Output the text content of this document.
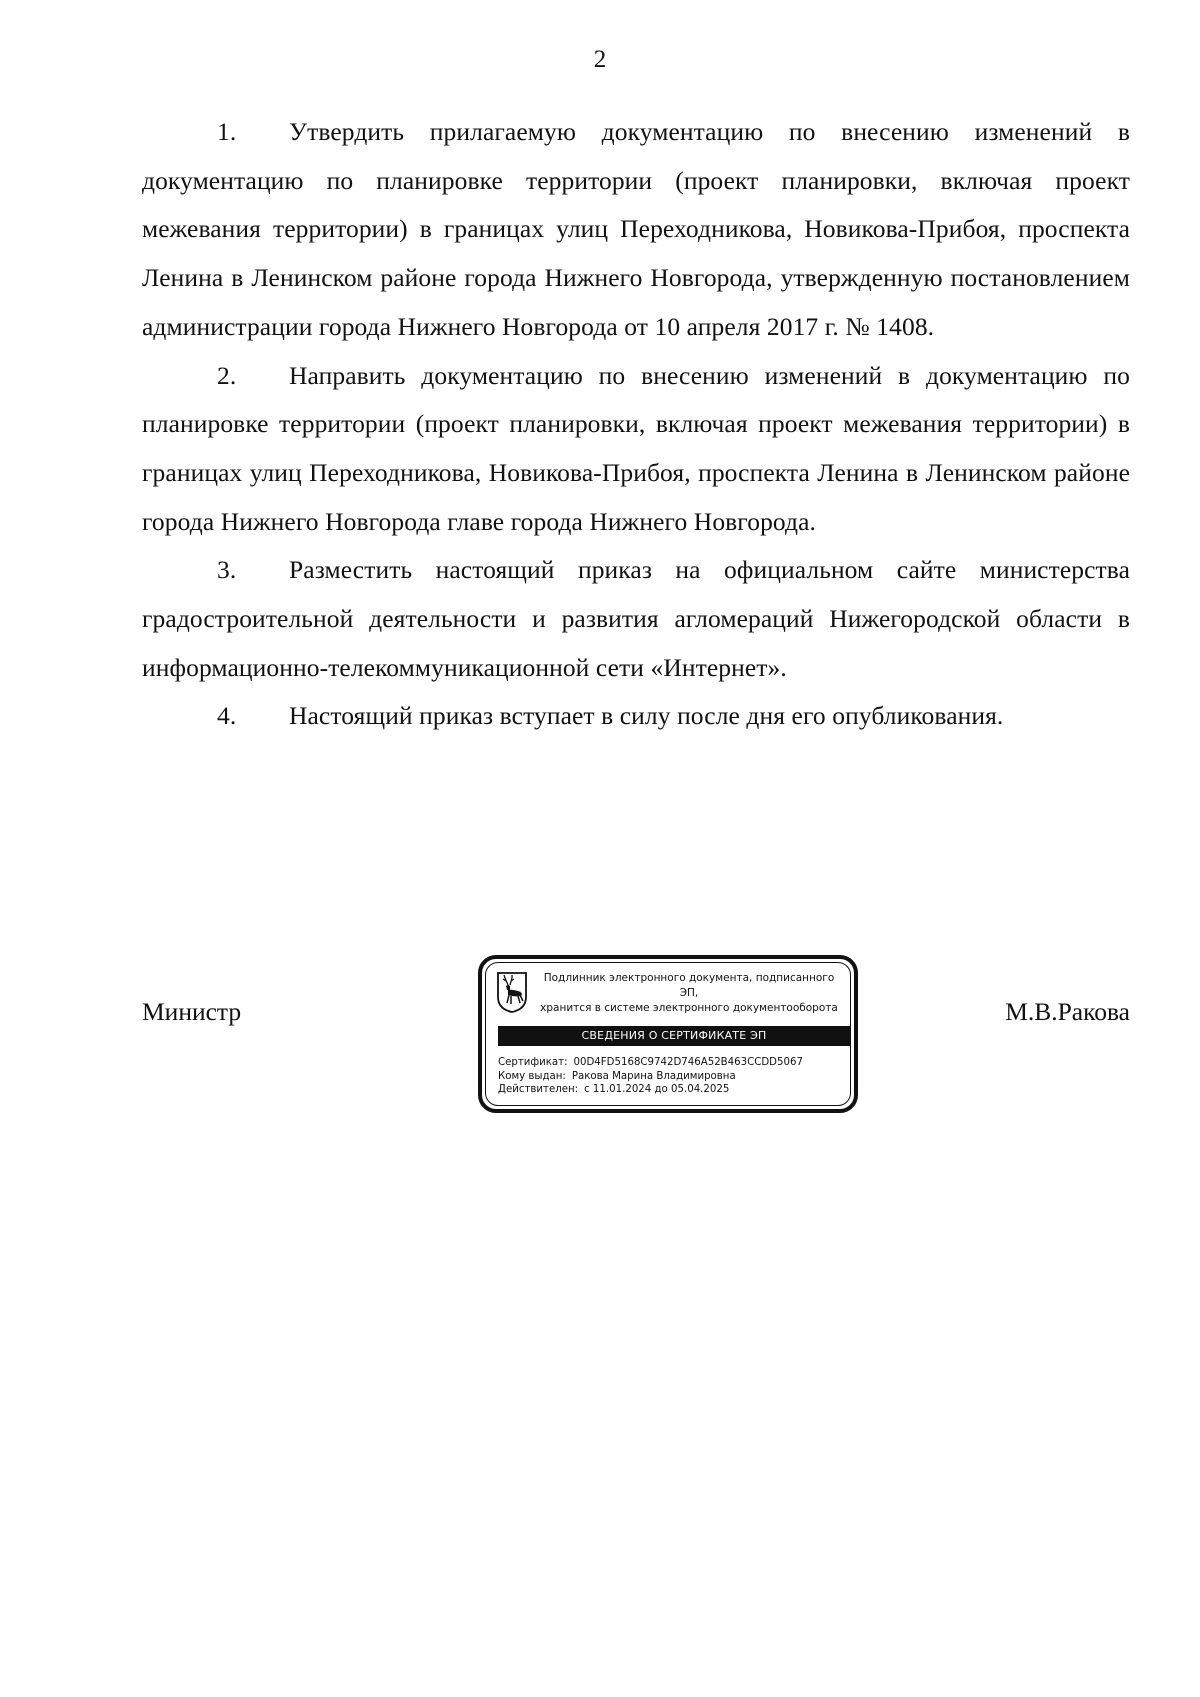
2

1. Утвердить прилагаемую документацию по внесению изменений в документацию по планировке территории (проект планировки, включая проект межевания территории) в границах улиц Переходникова, Новикова-Прибоя, проспекта Ленина в Ленинском районе города Нижнего Новгорода, утвержденную постановлением администрации города Нижнего Новгорода от 10 апреля 2017 г. № 1408.

2. Направить документацию по внесению изменений в документацию по планировке территории (проект планировки, включая проект межевания территории) в границах улиц Переходникова, Новикова-Прибоя, проспекта Ленина в Ленинском районе города Нижнего Новгорода главе города Нижнего Новгорода.

3. Разместить настоящий приказ на официальном сайте министерства градостроительной деятельности и развития агломераций Нижегородской области в информационно-телекоммуникационной сети «Интернет».

4. Настоящий приказ вступает в силу после дня его опубликования.

Министр	М.В.Ракова
Подлинник электронного документа, подписанного ЭП,
хранится в системе электронного документооборота
СВЕДЕНИЯ О СЕРТИФИКАТЕ ЭП
Сертификат: 00D4FD5168C9742D746A52B463CCDD5067
Кому выдан: Ракова Марина Владимировна
Действителен: с 11.01.2024 до 05.04.2025
